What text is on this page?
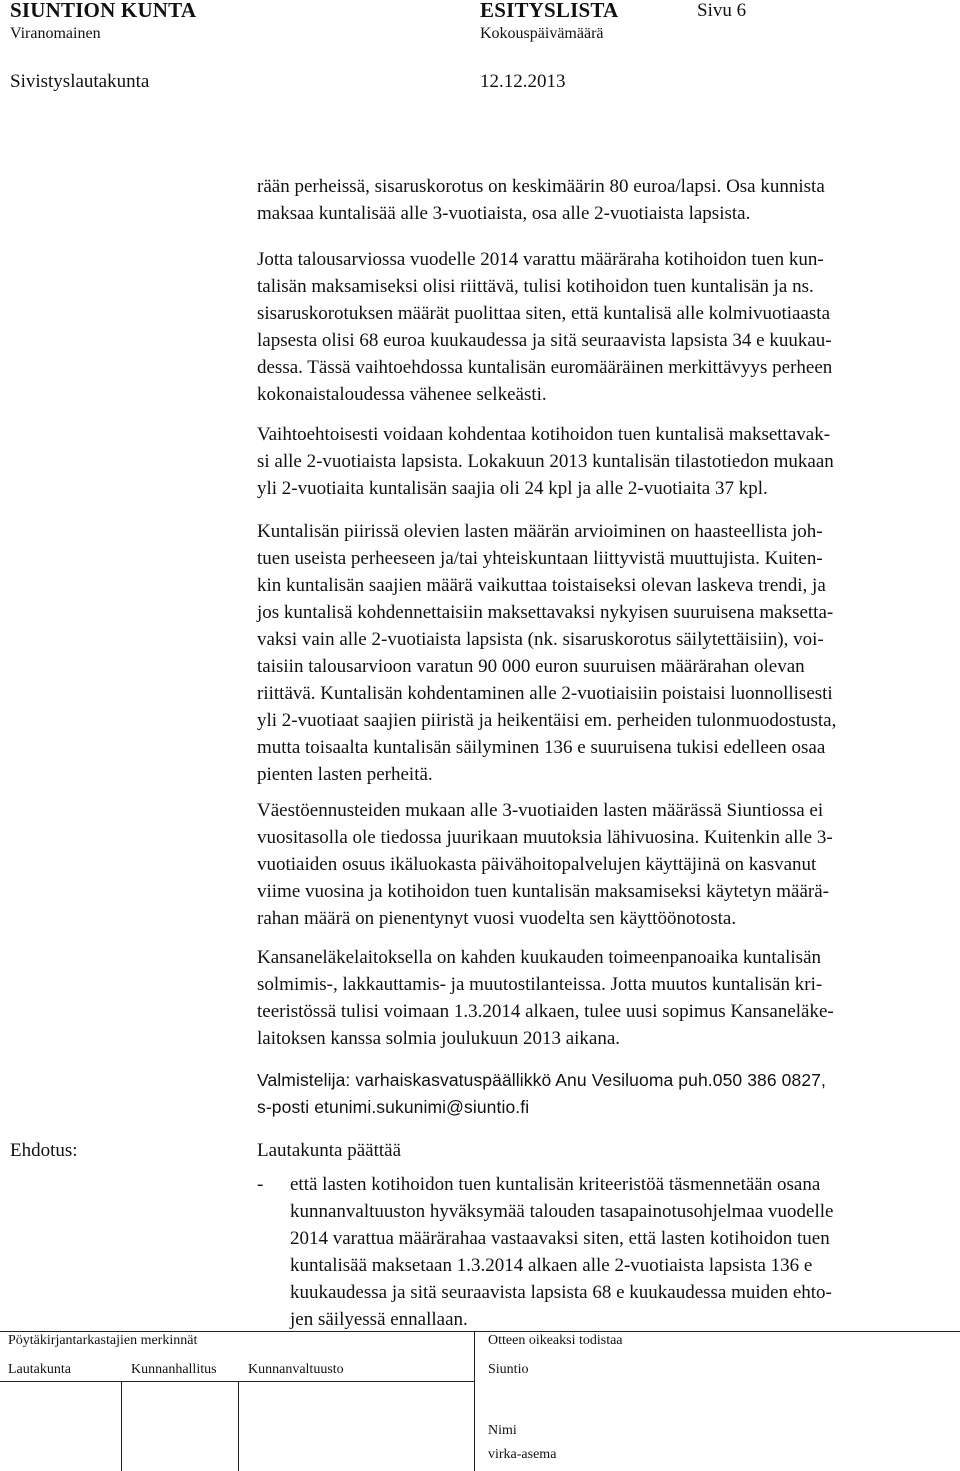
SIUNTION KUNTA	ESITYSLISTA	Sivu 6
Viranomainen	Kokouspäivämäärä
Sivistyslautakunta	12.12.2013
rään perheissä, sisaruskorotus on keskimäärin 80 euroa/lapsi. Osa kunnista
maksaa kuntalisää alle 3-vuotiaista, osa alle 2-vuotiaista lapsista.
Jotta talousarviossa vuodelle 2014 varattu määräraha kotihoidon tuen kun-
talisän maksamiseksi olisi riittävä, tulisi kotihoidon tuen kuntalisän ja ns.
sisaruskorotuksen määrät puolittaa siten, että kuntalisä alle kolmivuotiaasta
lapsesta olisi 68 euroa kuukaudessa ja sitä seuraavista lapsista 34 e kuukau-
dessa. Tässä vaihtoehdossa kuntalisän euromääräinen merkittävyys perheen
kokonaistaloudessa vähenee selkeästi.
Vaihtoehtoisesti voidaan kohdentaa kotihoidon tuen kuntalisä maksettavak-
si alle 2-vuotiaista lapsista. Lokakuun 2013 kuntalisän tilastotiedon mukaan
yli 2-vuotiaita kuntalisän saajia oli 24 kpl ja alle 2-vuotiaita 37 kpl.
Kuntalisän piirissä olevien lasten määrän arvioiminen on haasteellista joh-
tuen useista perheeseen ja/tai yhteiskuntaan liittyvistä muuttujista. Kuiten-
kin kuntalisän saajien määrä vaikuttaa toistaiseksi olevan laskeva trendi, ja
jos kuntalisä kohdennettaisiin maksettavaksi nykyisen suuruisena maksetta-
vaksi vain alle 2-vuotiaista lapsista (nk. sisaruskorotus säilytettäisiin), voi-
taisiin talousarvioon varatun 90 000 euron suuruisen määrärahan olevan
riittävä. Kuntalisän kohdentaminen alle 2-vuotiaisiin poistaisi luonnollisesti
yli 2-vuotiaat saajien piiristä ja heikentäisi em. perheiden tulonmuodostusta,
mutta toisaalta kuntalisän säilyminen 136 e suuruisena tukisi edelleen osaa
pienten lasten perheitä.
Väestöennusteiden mukaan alle 3-vuotiaiden lasten määrässä Siuntiossa ei
vuositasolla ole tiedossa juurikaan muutoksia lähivuosina. Kuitenkin alle 3-
vuotiaiden osuus ikäluokasta päivähoitopalvelujen käyttäjinä on kasvanut
viime vuosina ja kotihoidon tuen kuntalisän maksamiseksi käytetyn määrä-
rahan määrä on pienentynyt vuosi vuodelta sen käyttöönotosta.
Kansaneläkelaitoksella on kahden kuukauden toimeenpanoaika kuntalisän
solmimis-, lakkauttamis- ja muutostilanteissa. Jotta muutos kuntalisän kri-
teeristössä tulisi voimaan 1.3.2014 alkaen, tulee uusi sopimus Kansaneläke-
laitoksen kanssa solmia joulukuun 2013 aikana.
Valmistelija: varhaiskasvatuspäällikkö Anu Vesiluoma puh.050 386 0827,
s-posti etunimi.sukunimi@siuntio.fi
Ehdotus:	Lautakunta päättää
- että lasten kotihoidon tuen kuntalisän kriteeristöä täsmennetään osana
kunnanvaltuuston hyväksymää talouden tasapainotusohjelmaa vuodelle
2014 varattua määrärahaa vastaavaksi siten, että lasten kotihoidon tuen
kuntalisää maksetaan 1.3.2014 alkaen alle 2-vuotiaista lapsista 136 e
kuukaudessa ja sitä seuraavista lapsista 68 e kuukaudessa muiden ehto-
jen säilyessä ennallaan.
Pöytäkirjantarkastajien merkinnät
Lautakunta	Kunnanhallitus Kunnanvaltuusto
Otteen oikeaksi todistaa
Siuntio
Nimi
virka-asema
